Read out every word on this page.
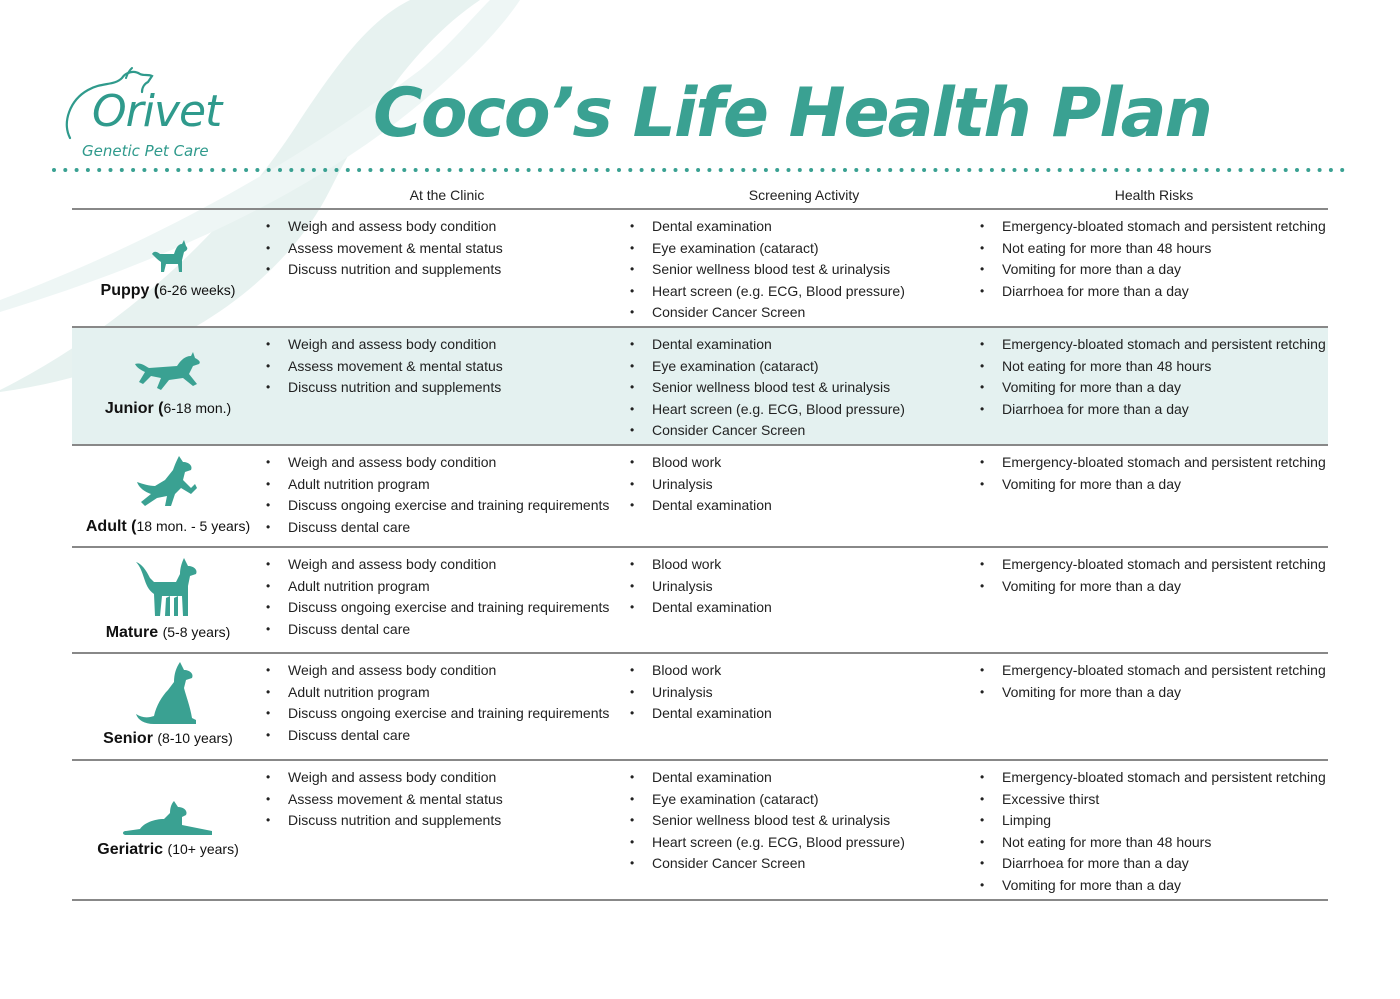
Orivet
Genetic Pet Care Coco’s Life Health Plan
At the Clinic	Screening Activity	Health Risks
Puppy (6-26 weeks)
• Weigh and assess body condition
• Assess movement & mental status
• Discuss nutrition and supplements
• Dental examination
• Eye examination (cataract)
• Senior wellness blood test & urinalysis
• Heart screen (e.g. ECG, Blood pressure)
• Consider Cancer Screen
• Emergency-bloated stomach and persistent retching
• Not eating for more than 48 hours
• Vomiting for more than a day
• Diarrhoea for more than a day
Junior (6-18 mon.)
• Weigh and assess body condition
• Assess movement & mental status
• Discuss nutrition and supplements
• Dental examination
• Eye examination (cataract)
• Senior wellness blood test & urinalysis
• Heart screen (e.g. ECG, Blood pressure)
• Consider Cancer Screen
• Emergency-bloated stomach and persistent retching
• Not eating for more than 48 hours
• Vomiting for more than a day
• Diarrhoea for more than a day
Adult (18 mon. - 5 years)
• Weigh and assess body condition
• Adult nutrition program
• Discuss ongoing exercise and training requirements
• Discuss dental care
• Blood work
• Urinalysis
• Dental examination
• Emergency-bloated stomach and persistent retching
• Vomiting for more than a day
Mature (5-8 years)
• Weigh and assess body condition
• Adult nutrition program
• Discuss ongoing exercise and training requirements
• Discuss dental care
• Blood work
• Urinalysis
• Dental examination
• Emergency-bloated stomach and persistent retching
• Vomiting for more than a day
Senior (8-10 years)
• Weigh and assess body condition
• Adult nutrition program
• Discuss ongoing exercise and training requirements
• Discuss dental care
• Blood work
• Urinalysis
• Dental examination
• Emergency-bloated stomach and persistent retching
• Vomiting for more than a day
Geriatric (10+ years)
• Weigh and assess body condition
• Assess movement & mental status
• Discuss nutrition and supplements
• Dental examination
• Eye examination (cataract)
• Senior wellness blood test & urinalysis
• Heart screen (e.g. ECG, Blood pressure)
• Consider Cancer Screen
• Emergency-bloated stomach and persistent retching
• Excessive thirst
• Limping
• Not eating for more than 48 hours
• Diarrhoea for more than a day
• Vomiting for more than a day
